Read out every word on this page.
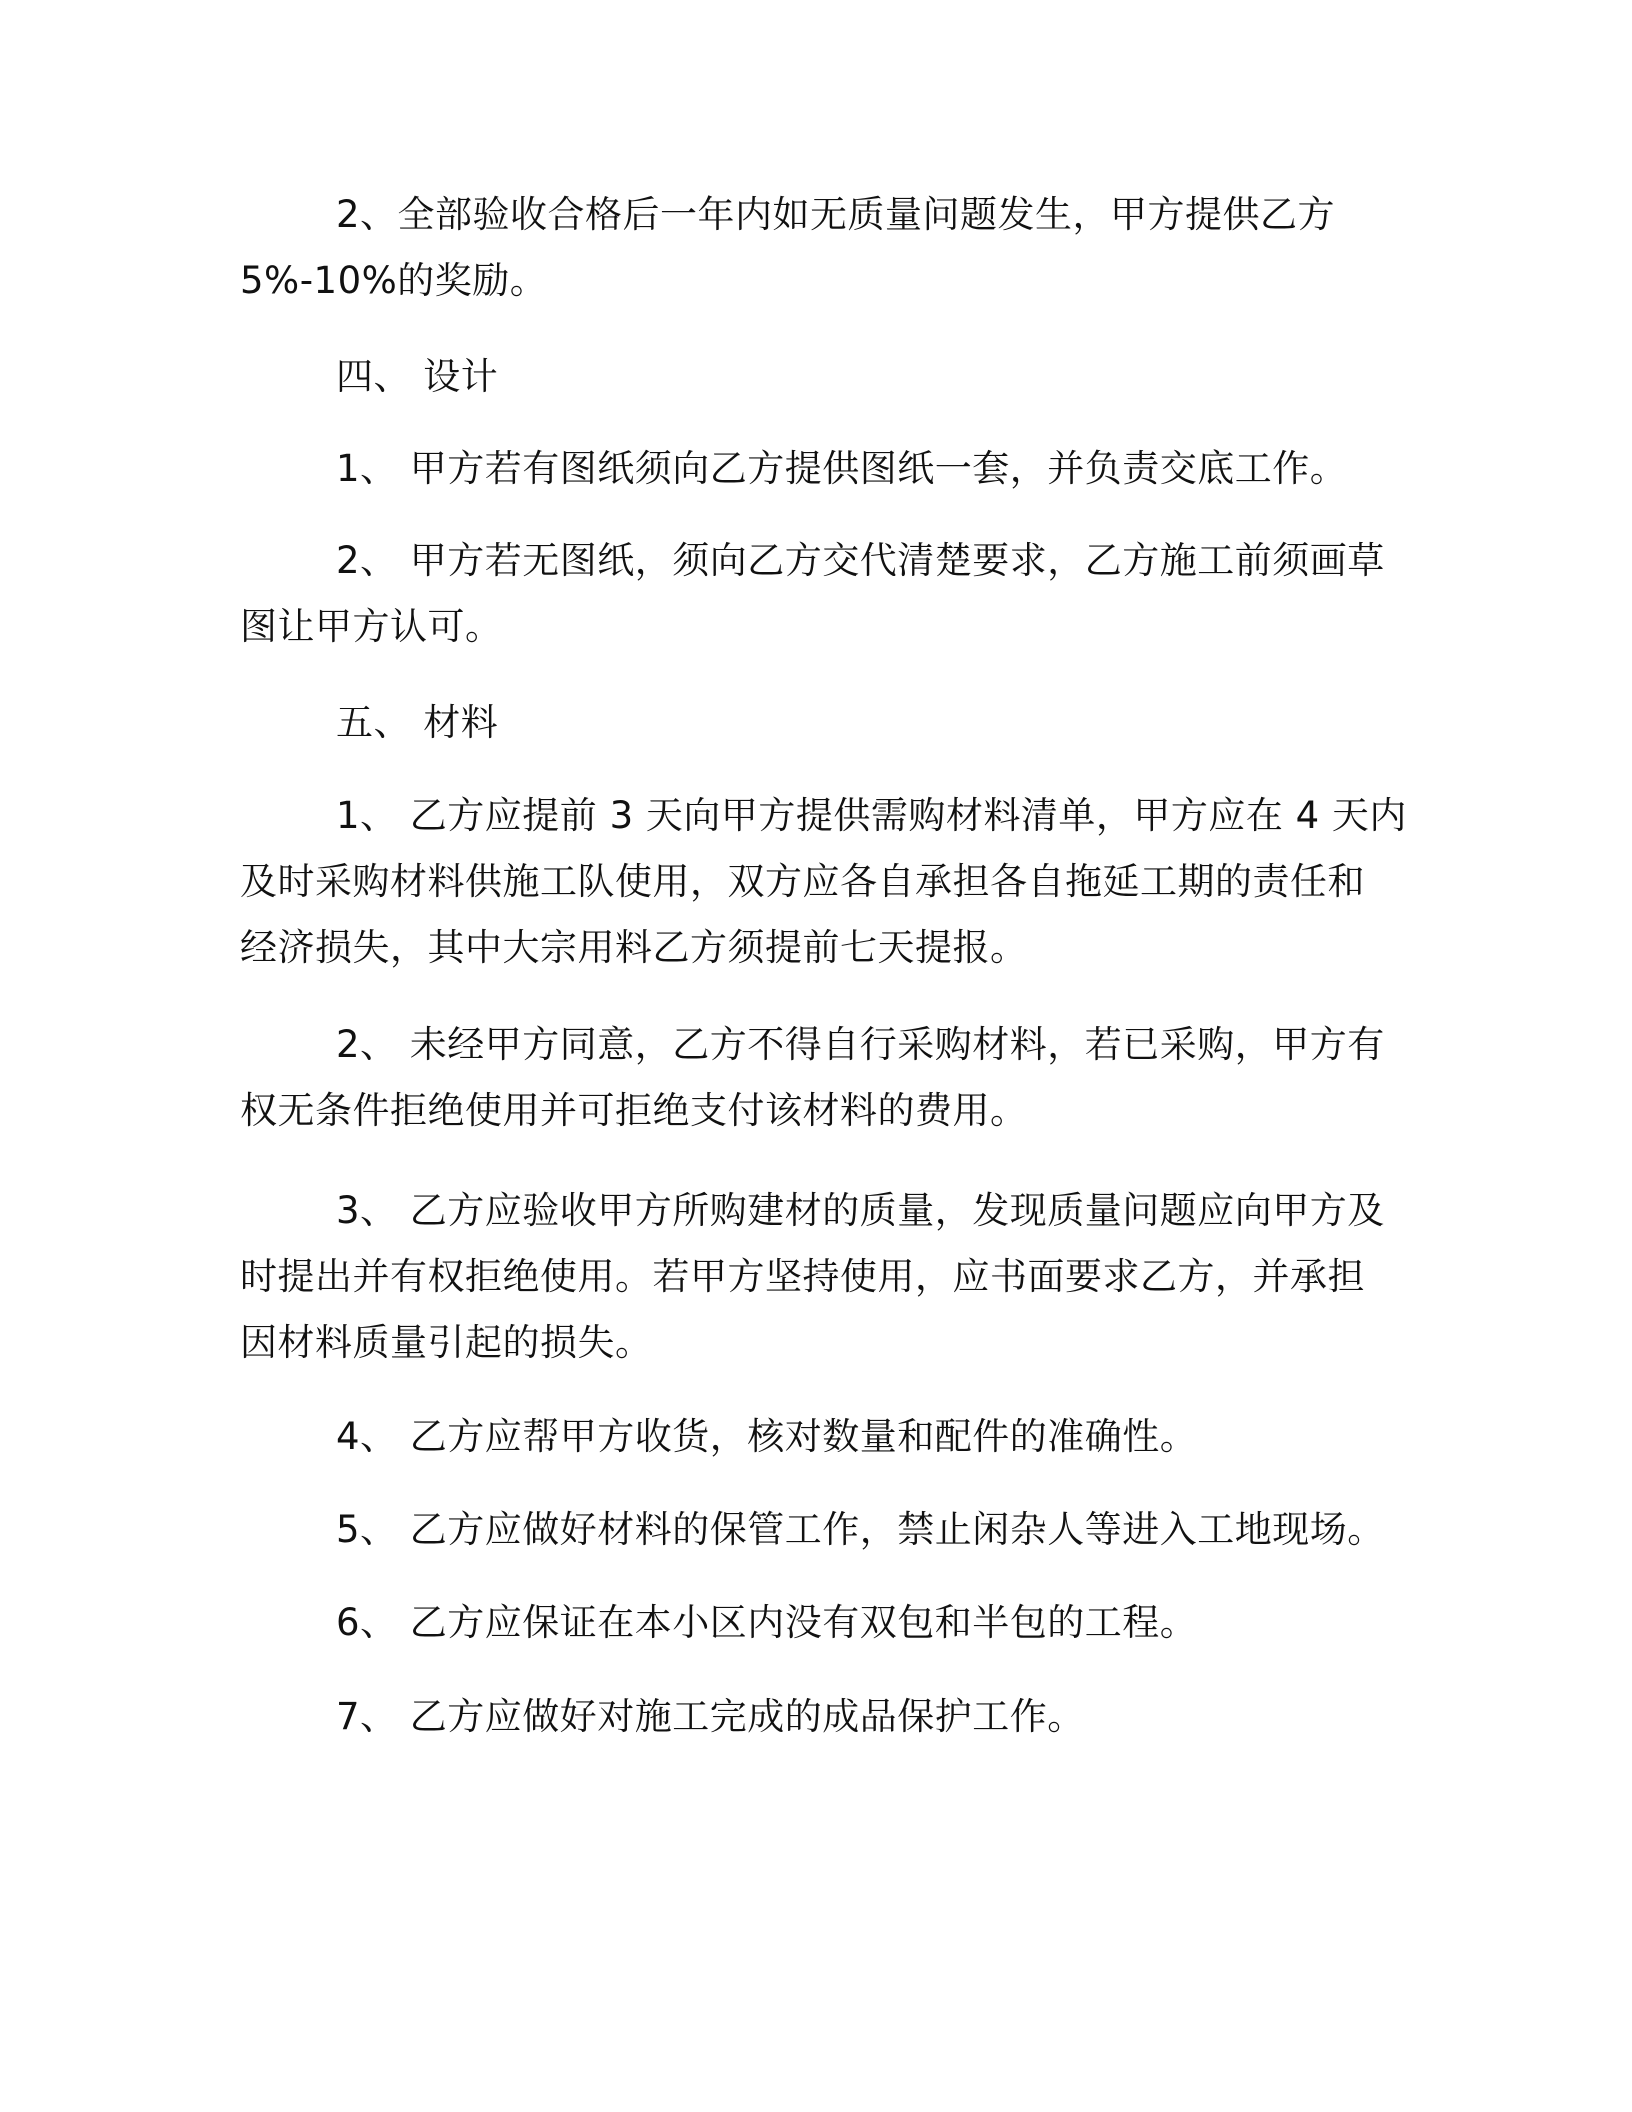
2、全部验收合格后一年内如无质量问题发生，甲方提供乙方
5%-10%的奖励。
四、 设计
1、 甲方若有图纸须向乙方提供图纸一套，并负责交底工作。
2、 甲方若无图纸，须向乙方交代清楚要求，乙方施工前须画草
图让甲方认可。
五、 材料
1、 乙方应提前 3 天向甲方提供需购材料清单，甲方应在 4 天内
及时采购材料供施工队使用，双方应各自承担各自拖延工期的责任和
经济损失，其中大宗用料乙方须提前七天提报。
2、 未经甲方同意，乙方不得自行采购材料，若已采购，甲方有
权无条件拒绝使用并可拒绝支付该材料的费用。
3、 乙方应验收甲方所购建材的质量，发现质量问题应向甲方及
时提出并有权拒绝使用。若甲方坚持使用，应书面要求乙方，并承担
因材料质量引起的损失。
4、 乙方应帮甲方收货，核对数量和配件的准确性。
5、 乙方应做好材料的保管工作，禁止闲杂人等进入工地现场。
6、 乙方应保证在本小区内没有双包和半包的工程。
7、 乙方应做好对施工完成的成品保护工作。
